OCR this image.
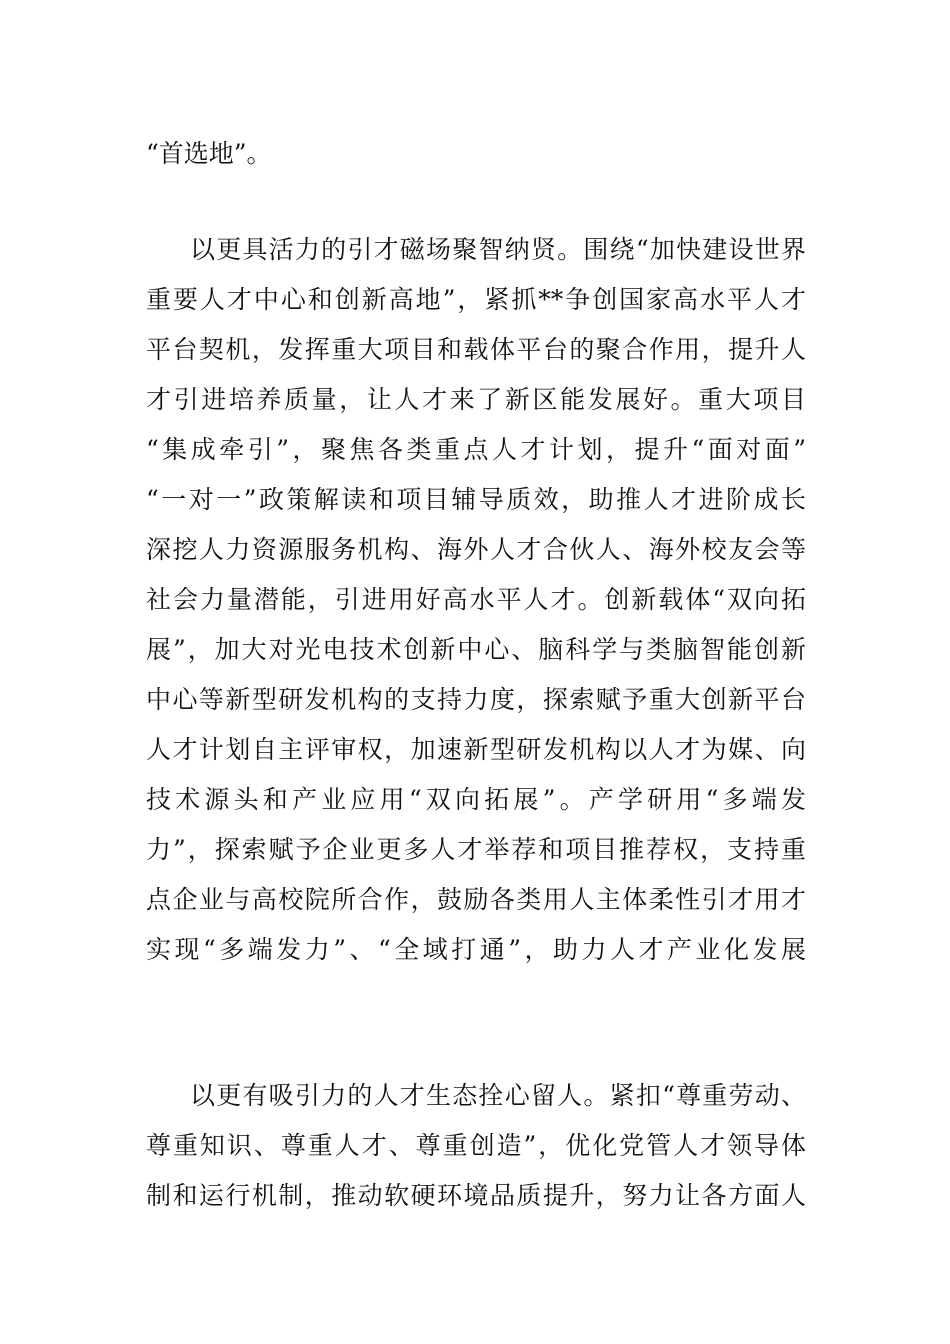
“首选地”。
以更具活力的引才磁场聚智纳贤。围绕“加快建设世界
重要人才中心和创新高地”，紧抓**争创国家高水平人才
平台契机，发挥重大项目和载体平台的聚合作用，提升人
才引进培养质量，让人才来了新区能发展好。重大项目
“集成牵引”，聚焦各类重点人才计划，提升“面对面”
“一对一”政策解读和项目辅导质效，助推人才进阶成长
深挖人力资源服务机构、海外人才合伙人、海外校友会等
社会力量潜能，引进用好高水平人才。创新载体“双向拓
展”，加大对光电技术创新中心、脑科学与类脑智能创新
中心等新型研发机构的支持力度，探索赋予重大创新平台
人才计划自主评审权，加速新型研发机构以人才为媒、向
技术源头和产业应用“双向拓展”。产学研用“多端发
力”，探索赋予企业更多人才举荐和项目推荐权，支持重
点企业与高校院所合作，鼓励各类用人主体柔性引才用才
实现“多端发力”、“全域打通”，助力人才产业化发展
以更有吸引力的人才生态拴心留人。紧扣“尊重劳动、
尊重知识、尊重人才、尊重创造”，优化党管人才领导体
制和运行机制，推动软硬环境品质提升，努力让各方面人
